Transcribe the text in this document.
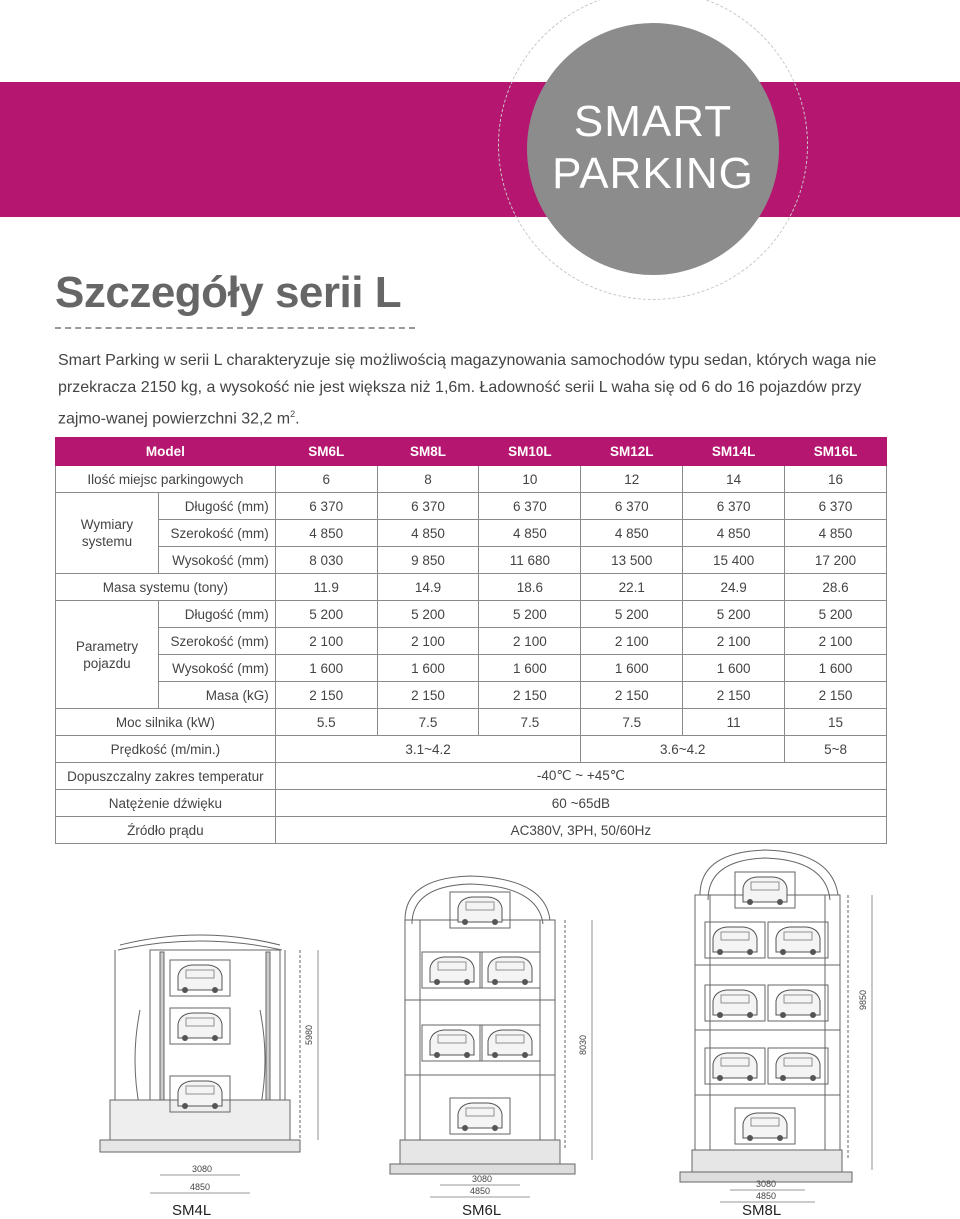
SMART
PARKING
Szczegóły serii L

Smart Parking w serii L charakteryzuje się możliwością magazynowania samochodów typu sedan, których waga nie przekracza 2150 kg, a wysokość nie jest większa niż 1,6m. Ładowność serii L waha się od 6 do 16 pojazdów przy zajmo-wanej powierzchni 32,2 $m^2$.

Model		SM6L	SM8L	SM10L	SM12L	SM14L	SM16L
Ilość miejsc parkingowych		6	8	10	12	14	16
Wymiary systemu	Długość (mm)	6 370	6 370	6 370	6 370	6 370	6 370
	Szerokość (mm)	4 850	4 850	4 850	4 850	4 850	4 850
	Wysokość (mm)	8 030	9 850	11 680	13 500	15 400	17 200
Masa systemu (tony)		11.9	14.9	18.6	22.1	24.9	28.6
Parametry pojazdu	Długość (mm)	5 200	5 200	5 200	5 200	5 200	5 200
	Szerokość (mm)	2 100	2 100	2 100	2 100	2 100	2 100
	Wysokość (mm)	1 600	1 600	1 600	1 600	1 600	1 600
	Masa (kG)	2 150	2 150	2 150	2 150	2 150	2 150
Moc silnika (kW)		5.5	7.5	7.5	7.5	11	15
Prędkość (m/min.)		3.1~4.2			3.6~4.2		5~8
Dopuszczalny zakres temperatur		-40℃ ~ +45℃					
Natężenie dźwięku		60 ~65dB					
Źródło prądu		AC380V, 3PH, 50/60Hz					
5980
3080
4850
8030
3080
4850
9850
3080
4850
SM4L	SM6L	SM8L
